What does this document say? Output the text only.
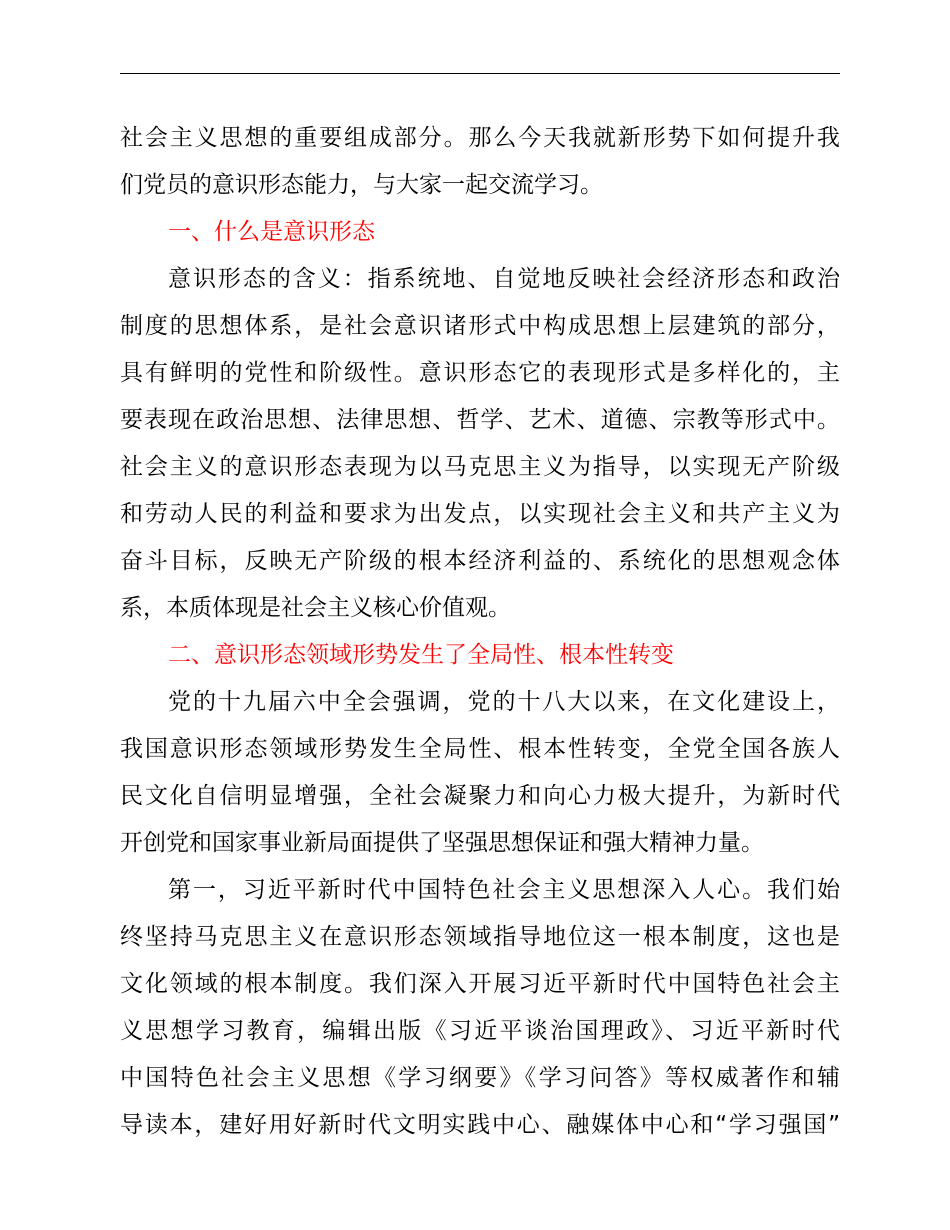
社会主义思想的重要组成部分。那么今天我就新形势下如何提升我
们党员的意识形态能力，与大家一起交流学习。
一、什么是意识形态
意识形态的含义：指系统地、自觉地反映社会经济形态和政治
制度的思想体系，是社会意识诸形式中构成思想上层建筑的部分，
具有鲜明的党性和阶级性。意识形态它的表现形式是多样化的，主
要表现在政治思想、法律思想、哲学、艺术、道德、宗教等形式中。
社会主义的意识形态表现为以马克思主义为指导，以实现无产阶级
和劳动人民的利益和要求为出发点，以实现社会主义和共产主义为
奋斗目标，反映无产阶级的根本经济利益的、系统化的思想观念体
系，本质体现是社会主义核心价值观。
二、意识形态领域形势发生了全局性、根本性转变
党的十九届六中全会强调，党的十八大以来，在文化建设上，
我国意识形态领域形势发生全局性、根本性转变，全党全国各族人
民文化自信明显增强，全社会凝聚力和向心力极大提升，为新时代
开创党和国家事业新局面提供了坚强思想保证和强大精神力量。
第一，习近平新时代中国特色社会主义思想深入人心。我们始
终坚持马克思主义在意识形态领域指导地位这一根本制度，这也是
文化领域的根本制度。我们深入开展习近平新时代中国特色社会主
义思想学习教育，编辑出版《习近平谈治国理政》、习近平新时代
中国特色社会主义思想《学习纲要》《学习问答》等权威著作和辅
导读本，建好用好新时代文明实践中心、融媒体中心和“学习强国”
